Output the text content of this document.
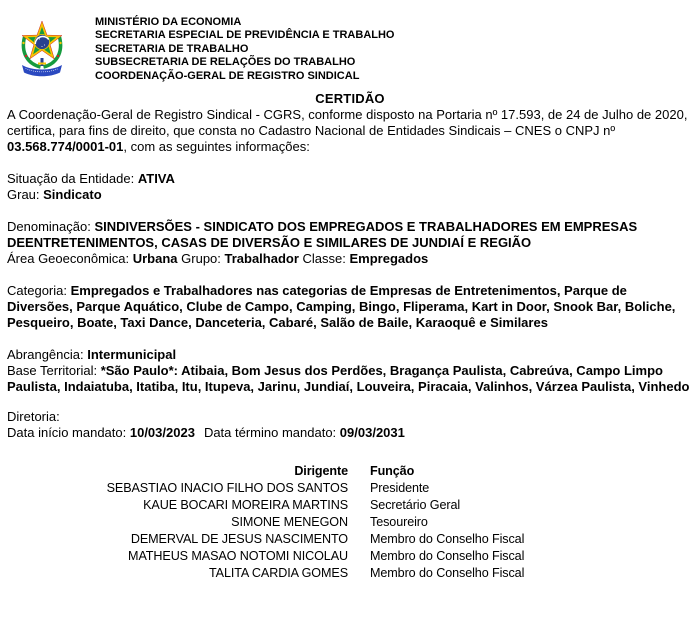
MINISTÉRIO DA ECONOMIA
SECRETARIA ESPECIAL DE PREVIDÊNCIA E TRABALHO
SECRETARIA DE TRABALHO
SUBSECRETARIA DE RELAÇÕES DO TRABALHO
COORDENAÇÃO-GERAL DE REGISTRO SINDICAL
CERTIDÃO

A Coordenação-Geral de Registro Sindical - CGRS, conforme disposto na Portaria nº 17.593, de 24 de Julho de 2020, certifica, para fins de direito, que consta no Cadastro Nacional de Entidades Sindicais – CNES o CNPJ nº 03.568.774/0001-01, com as seguintes informações:

Situação da Entidade: ATIVA

Grau: Sindicato

Denominação: SINDIVERSÕES - SINDICATO DOS EMPREGADOS E TRABALHADORES EM EMPRESAS DEENTRETENIMENTOS, CASAS DE DIVERSÃO E SIMILARES DE JUNDIAÍ E REGIÃO

Área Geoeconômica: Urbana Grupo: Trabalhador Classe: Empregados

Categoria: Empregados e Trabalhadores nas categorias de Empresas de Entretenimentos, Parque de Diversões, Parque Aquático, Clube de Campo, Camping, Bingo, Fliperama, Kart in Door, Snook Bar, Boliche, Pesqueiro, Boate, Taxi Dance, Danceteria, Cabaré, Salão de Baile, Karaoquê e Similares

Abrangência: Intermunicipal

Base Territorial: *São Paulo*: Atibaia, Bom Jesus dos Perdões, Bragança Paulista, Cabreúva, Campo Limpo Paulista, Indaiatuba, Itatiba, Itu, Itupeva, Jarinu, Jundiaí, Louveira, Piracaia, Valinhos, Várzea Paulista, Vinhedo

Diretoria:

Data início mandato: 10/03/2023 Data término mandato: 09/03/2031

Dirigente Função
SEBASTIAO INACIO FILHO DOS SANTOS Presidente
KAUE BOCARI MOREIRA MARTINS Secretário Geral
SIMONE MENEGON Tesoureiro
DEMERVAL DE JESUS NASCIMENTO Membro do Conselho Fiscal
MATHEUS MASAO NOTOMI NICOLAU Membro do Conselho Fiscal
TALITA CARDIA GOMES Membro do Conselho Fiscal
